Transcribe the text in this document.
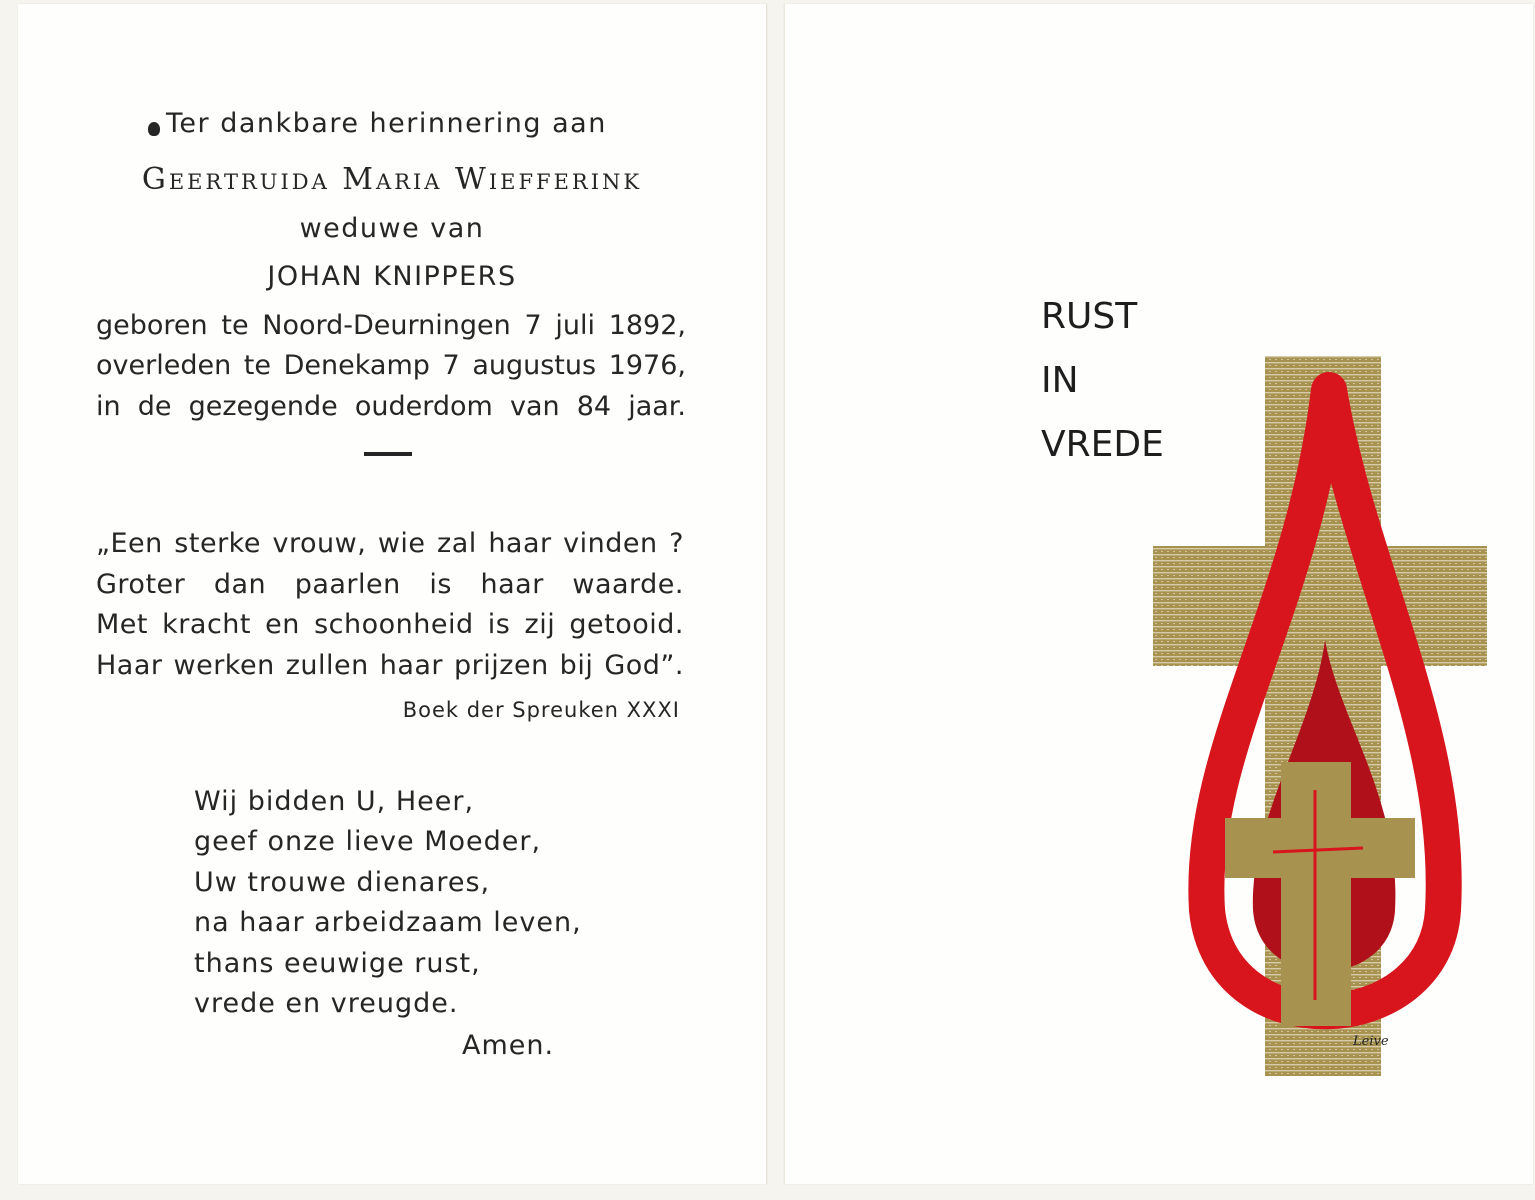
Ter dankbare herinnering aan

Geertruida Maria Wiefferink

weduwe van

JOHAN KNIPPERS

geboren te Noord-Deurningen 7 juli 1892,

overleden te Denekamp 7 augustus 1976,

in de gezegende ouderdom van 84 jaar.

„Een sterke vrouw, wie zal haar vinden ?

Groter dan paarlen is haar waarde.

Met kracht en schoonheid is zij getooid.

Haar werken zullen haar prijzen bij God”.

Boek der Spreuken XXXI

Wij bidden U, Heer,

geef onze lieve Moeder,

Uw trouwe dienares,

na haar arbeidzaam leven,

thans eeuwige rust,

vrede en vreugde.

Amen.

RUST
IN
VREDE
Leive
